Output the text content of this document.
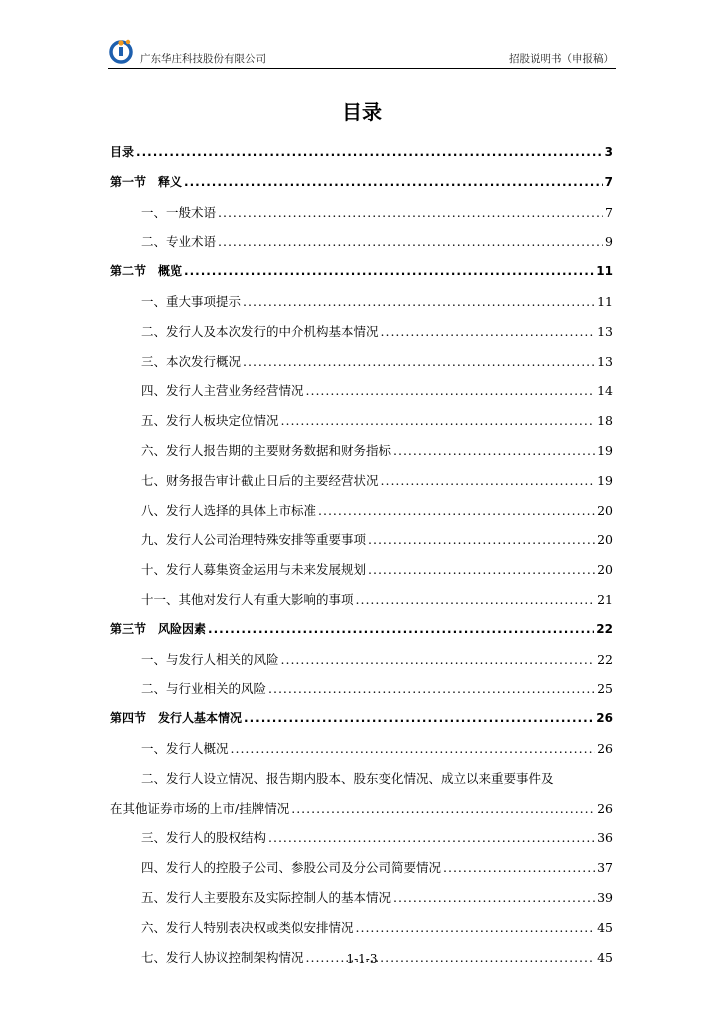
广东华庄科技股份有限公司	招股说明书（申报稿）
目录
目录 .....	3
第一节　释义 .....	7
一、一般术语 .....	7
二、专业术语 .....	9
第二节　概览 .....	11
一、重大事项提示 .....	11
二、发行人及本次发行的中介机构基本情况 .....	13
三、本次发行概况 .....	13
四、发行人主营业务经营情况 .....	14
五、发行人板块定位情况 .....	18
六、发行人报告期的主要财务数据和财务指标 .....	19
七、财务报告审计截止日后的主要经营状况 .....	19
八、发行人选择的具体上市标准 .....	20
九、发行人公司治理特殊安排等重要事项 .....	20
十、发行人募集资金运用与未来发展规划 .....	20
十一、其他对发行人有重大影响的事项 .....	21
第三节　风险因素 .....	22
一、与发行人相关的风险 .....	22
二、与行业相关的风险 .....	25
第四节　发行人基本情况 .....	26
一、发行人概况 .....	26
二、发行人设立情况、报告期内股本、股东变化情况、成立以来重要事件及
在其他证券市场的上市/挂牌情况 .....	26
三、发行人的股权结构 .....	36
四、发行人的控股子公司、参股公司及分公司简要情况 .....	37
五、发行人主要股东及实际控制人的基本情况 .....	39
六、发行人特别表决权或类似安排情况 .....	45
七、发行人协议控制架构情况 .....	45
1-1-3
